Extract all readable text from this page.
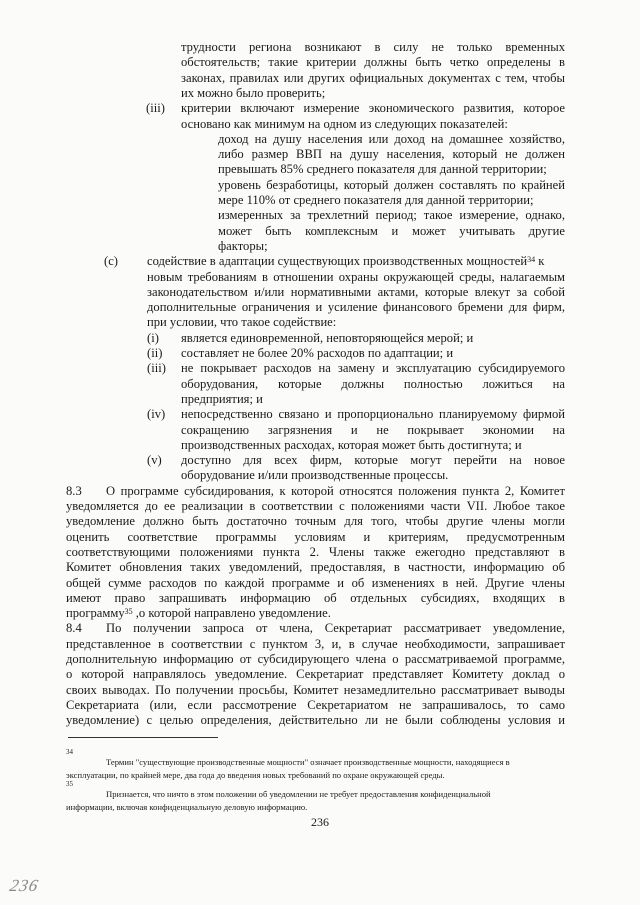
трудности региона возникают в силу не только временных

обстоятельств; такие критерии должны быть четко определены в

законах, правилах или других официальных документах с тем, чтобы

их можно было проверить;

(iii) критерии включают измерение экономического развития, которое

основано как минимум на одном из следующих показателей:

доход на душу населения или доход на домашнее хозяйство,

либо размер ВВП на душу населения, который не должен

превышать 85% среднего показателя для данной территории;

уровень безработицы, который должен составлять по крайней

мере 110% от среднего показателя для данной территории;

измеренных за трехлетний период; такое измерение, однако,

может быть комплексным и может учитывать другие

факторы;

(c) содействие в адаптации существующих производственных мощностей$^{34}$ к

новым требованиям в отношении охраны окружающей среды, налагаемым

законодательством и/или нормативными актами, которые влекут за собой

дополнительные ограничения и усиление финансового бремени для фирм,

при условии, что такое содействие:

(i) является единовременной, неповторяющейся мерой; и

(ii) составляет не более 20% расходов по адаптации; и

(iii) не покрывает расходов на замену и эксплуатацию субсидируемого

оборудования, которые должны полностью ложиться на

предприятия; и

(iv) непосредственно связано и пропорционально планируемому фирмой

сокращению загрязнения и не покрывает экономии на

производственных расходах, которая может быть достигнута; и

(v) доступно для всех фирм, которые могут перейти на новое

оборудование и/или производственные процессы.

8.3 О программе субсидирования, к которой относятся положения пункта 2, Комитет

уведомляется до ее реализации в соответствии с положениями части VII. Любое такое

уведомление должно быть достаточно точным для того, чтобы другие члены могли

оценить соответствие программы условиям и критериям, предусмотренным

соответствующими положениями пункта 2. Члены также ежегодно представляют в

Комитет обновления таких уведомлений, предоставляя, в частности, информацию об

общей сумме расходов по каждой программе и об изменениях в ней. Другие члены

имеют право запрашивать информацию об отдельных субсидиях, входящих в

программу$^{35}$ ,о которой направлено уведомление.

8.4 По получении запроса от члена, Секретариат рассматривает уведомление,

представленное в соответствии с пунктом 3, и, в случае необходимости, запрашивает

дополнительную информацию от субсидирующего члена о рассматриваемой программе,

о которой направлялось уведомление. Секретариат представляет Комитету доклад о

своих выводах. По получении просьбы, Комитет незамедлительно рассматривает выводы

Секретариата (или, если рассмотрение Секретариатом не запрашивалось, то само

уведомление) с целью определения, действительно ли не были соблюдены условия и

34

Термин "существующие производственные мощности" означает производственные мощности, находящиеся в

эксплуатации, по крайней мере, два года до введения новых требований по охране окружающей среды.

236
236
35

Признается, что ничто в этом положении об уведомлении не требует предоставления конфиденциальной

информации, включая конфиденциальную деловую информацию.
